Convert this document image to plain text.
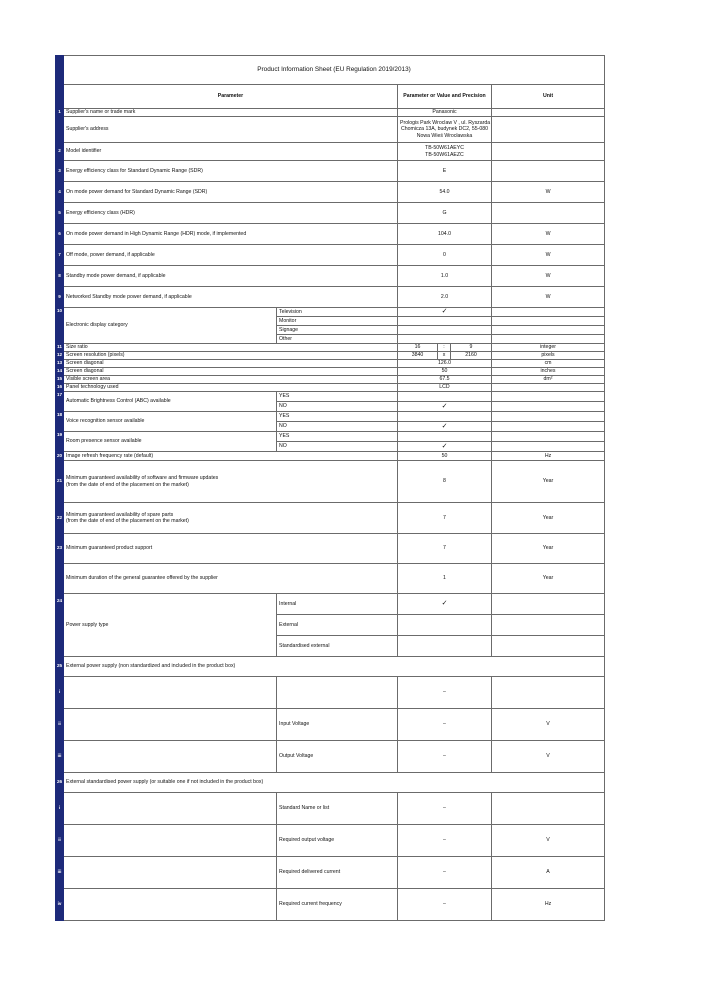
	Product Information Sheet (EU Regulation 2019/2013)					
	Parameter		Parameter or Value and Precision			Unit
1	Supplier's name or trade mark		Panasonic			
	Supplier's address		Prologis Park Wroclaw V , ul. Ryszarda
Chomicza 13A, budynek DC2, 55-080
Nowa Wieś Wrocławska			

2	Model identifier		TB-50W61AEYC
TB-50W61AEZC			

3	Energy efficiency class for Standard Dynamic Range (SDR)		E			
4	On mode power demand for Standard Dynamic Range (SDR)		54.0			W
5	Energy efficiency class (HDR)		G			
6	On mode power demand in High Dynamic Range (HDR) mode, if implemented		104.0			W
7	Off mode, power demand, if applicable		0			W
8	Standby mode power demand, if applicable		1.0			W
9	Networked Standby mode power demand, if applicable		2.0			W
10	Electronic display category	Television	✓			
		Monitor				
		Signage				
		Other				
11	Size ratio		16	:	9	integer
12	Screen resolution (pixels)		3840	x	2160	pixels
13	Screen diagonal		126.0			cm
14	Screen diagonal		50			inches
15	Visible screen area		67.5			dm²
16	Panel technology used		LCD			
17	Automatic Brightness Control (ABC) available	YES				
		NO	✓			
18	Voice recognition sensor available	YES				
		NO	✓			
19	Room presence sensor available	YES				
		NO	✓			
20	Image refresh frequency rate (default)		50			Hz
21	Minimum guaranteed availability of software and firmware updates
(from the date of end of the placement on the market)		8			Year
22	Minimum guaranteed availability of spare parts
(from the date of end of the placement on the market)		7			Year
23	Minimum guaranteed product support		7			Year
	Minimum duration of the general guarantee offered by the supplier		1			Year
24	Power supply type	Internal	✓			
		External				
		Standardised external				
25	External power supply (non standardized and included in the product box)					
i			–			
ii		Input Voltage	–			V
iii		Output Voltage	–			V
26	External standardised power supply (or suitable one if not included in the product box)					
i		Standard Name or list	–			
ii		Required output voltage	–			V
iii		Required delivered current	–			A
iv		Required current frequency	–			Hz
